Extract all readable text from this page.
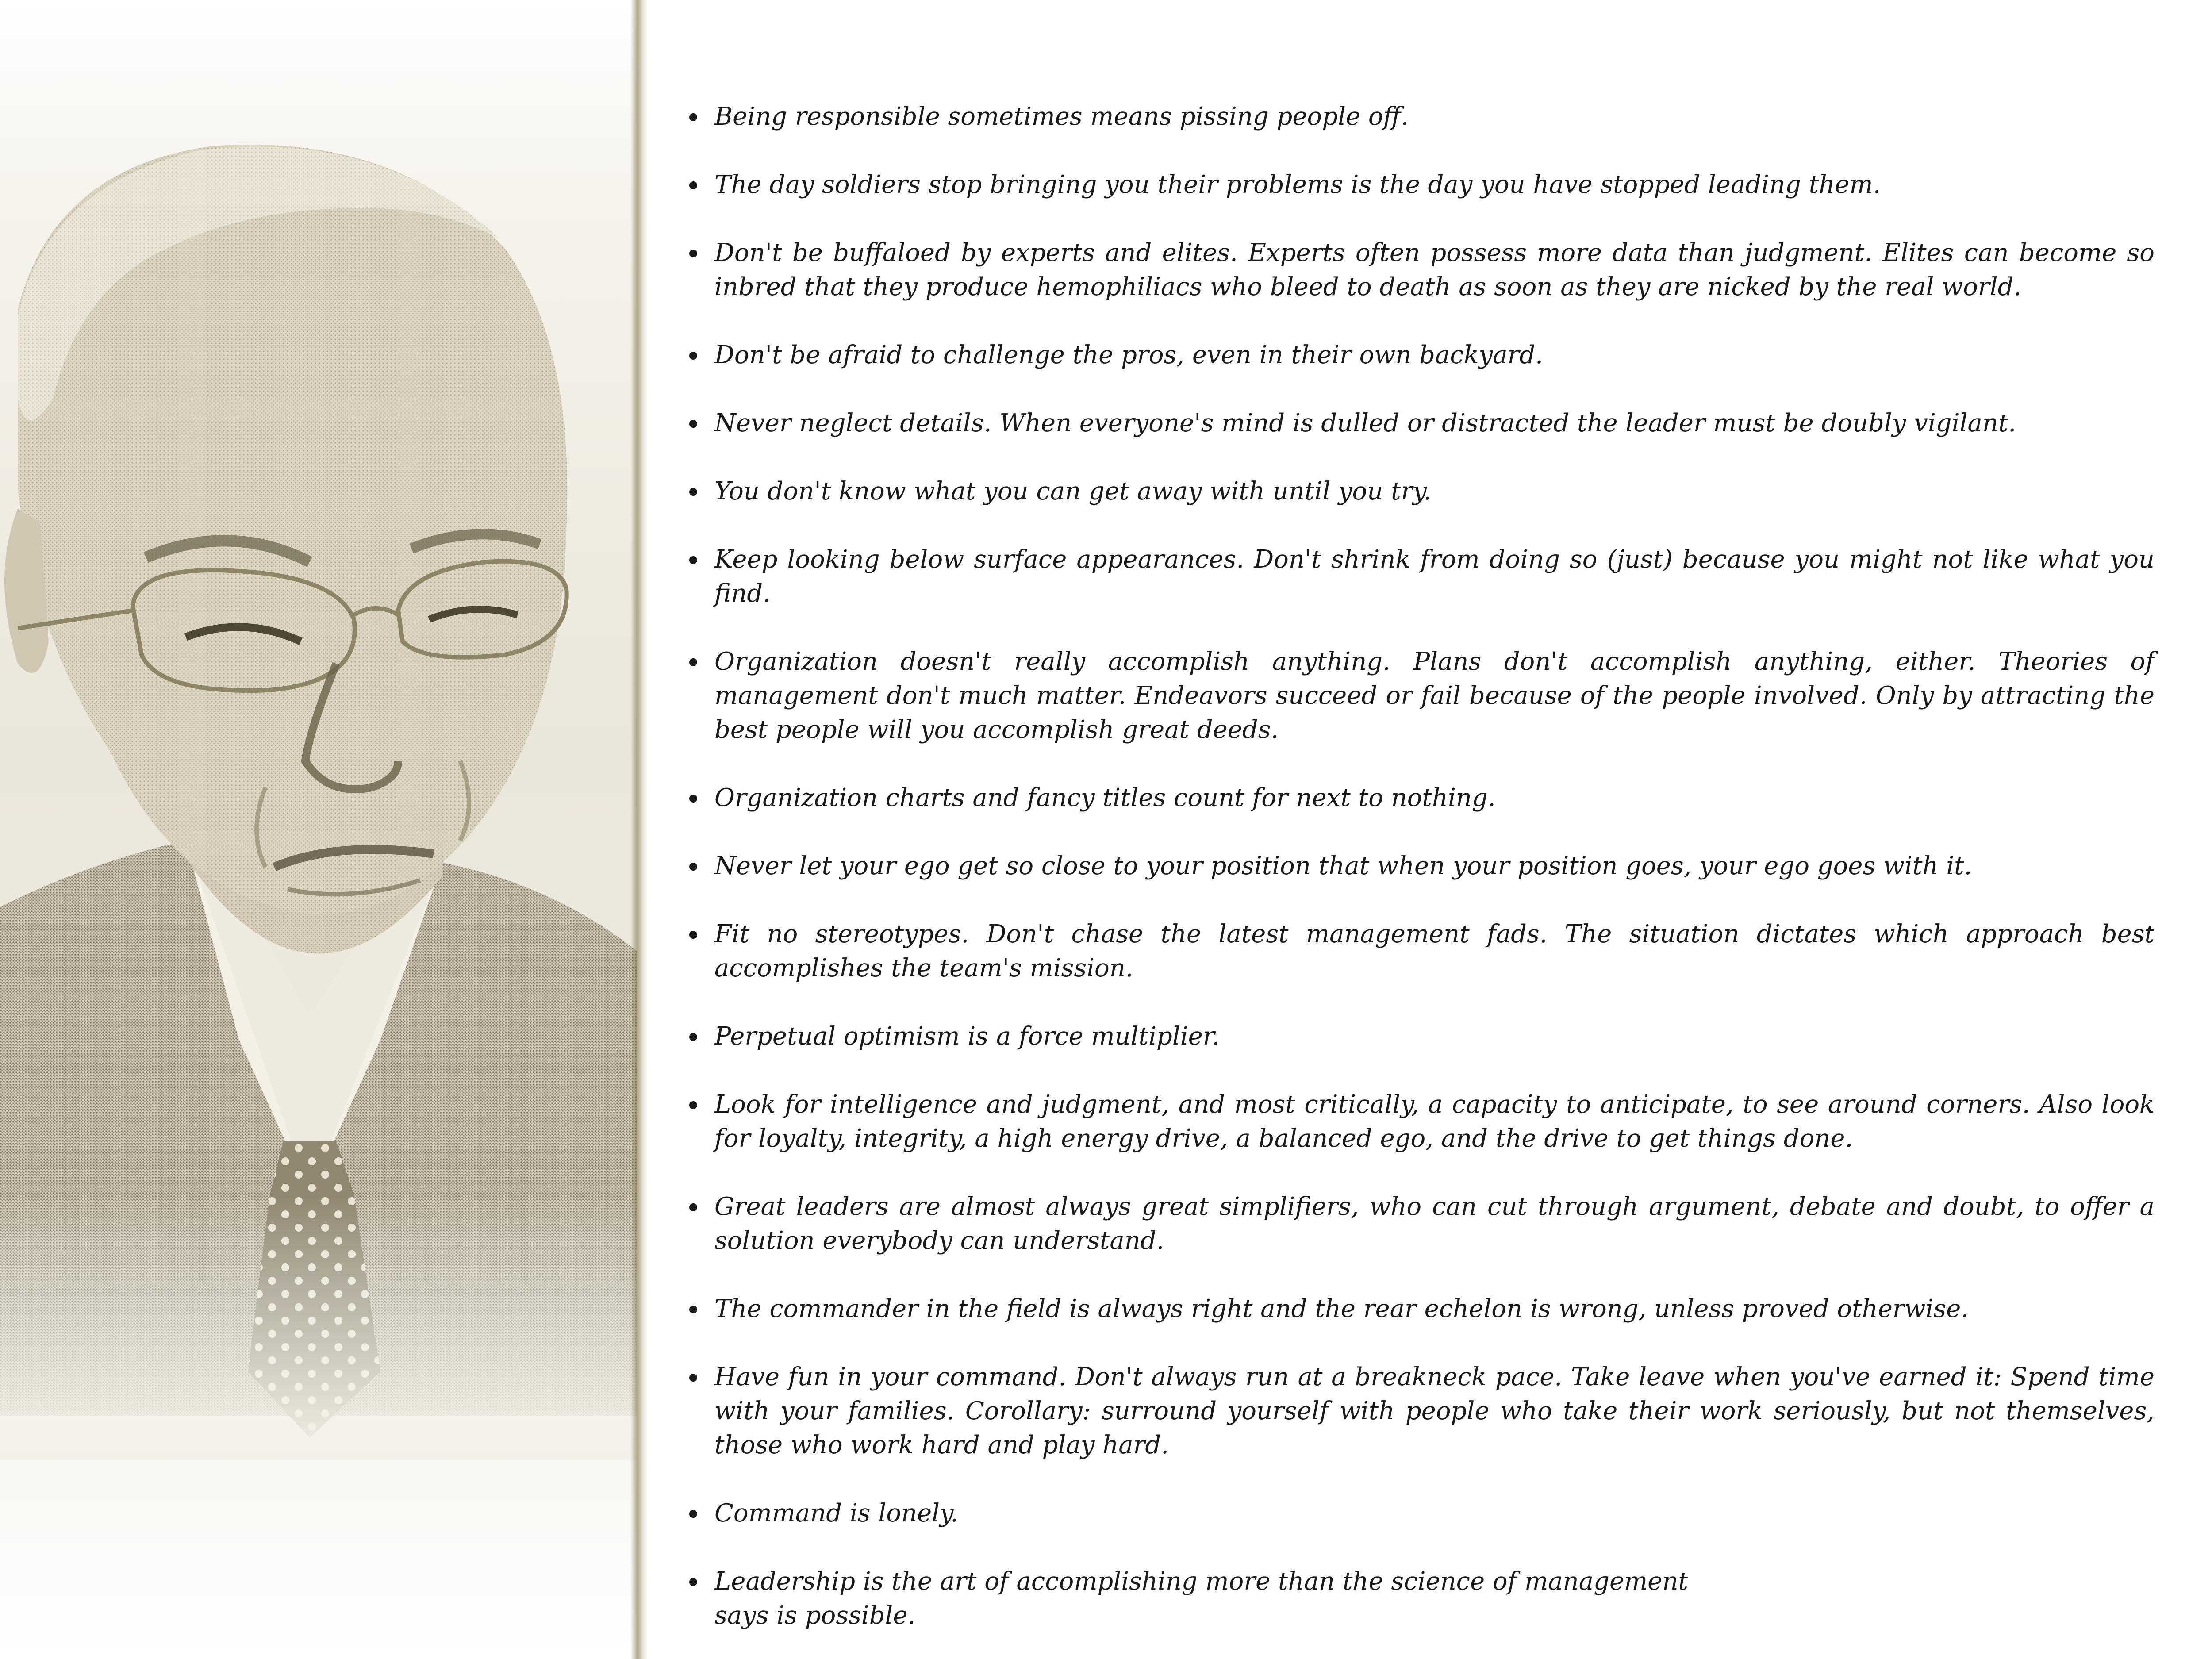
Being responsible sometimes means pissing people off.
The day soldiers stop bringing you their problems is the day you have stopped leading them.
Don't be buffaloed by experts and elites. Experts often possess more data than judgment. Elites can become so inbred that they produce hemophiliacs who bleed to death as soon as they are nicked by the real world.
Don't be afraid to challenge the pros, even in their own backyard.
Never neglect details. When everyone's mind is dulled or distracted the leader must be doubly vigilant.
You don't know what you can get away with until you try.
Keep looking below surface appearances. Don't shrink from doing so (just) because you might not like what you find.
Organization doesn't really accomplish anything. Plans don't accomplish anything, either. Theories of management don't much matter. Endeavors succeed or fail because of the people involved. Only by attracting the best people will you accomplish great deeds.
Organization charts and fancy titles count for next to nothing.
Never let your ego get so close to your position that when your position goes, your ego goes with it.
Fit no stereotypes. Don't chase the latest management fads. The situation dictates which approach best accomplishes the team's mission.
Perpetual optimism is a force multiplier.
Look for intelligence and judgment, and most critically, a capacity to anticipate, to see around corners. Also look for loyalty, integrity, a high energy drive, a balanced ego, and the drive to get things done.
Great leaders are almost always great simplifiers, who can cut through argument, debate and doubt, to offer a solution everybody can understand.
The commander in the field is always right and the rear echelon is wrong, unless proved otherwise.
Have fun in your command. Don't always run at a breakneck pace. Take leave when you've earned it: Spend time with your families. Corollary: surround yourself with people who take their work seriously, but not themselves, those who work hard and play hard.
Command is lonely.
Leadership is the art of accomplishing more than the science of management
says is possible.
